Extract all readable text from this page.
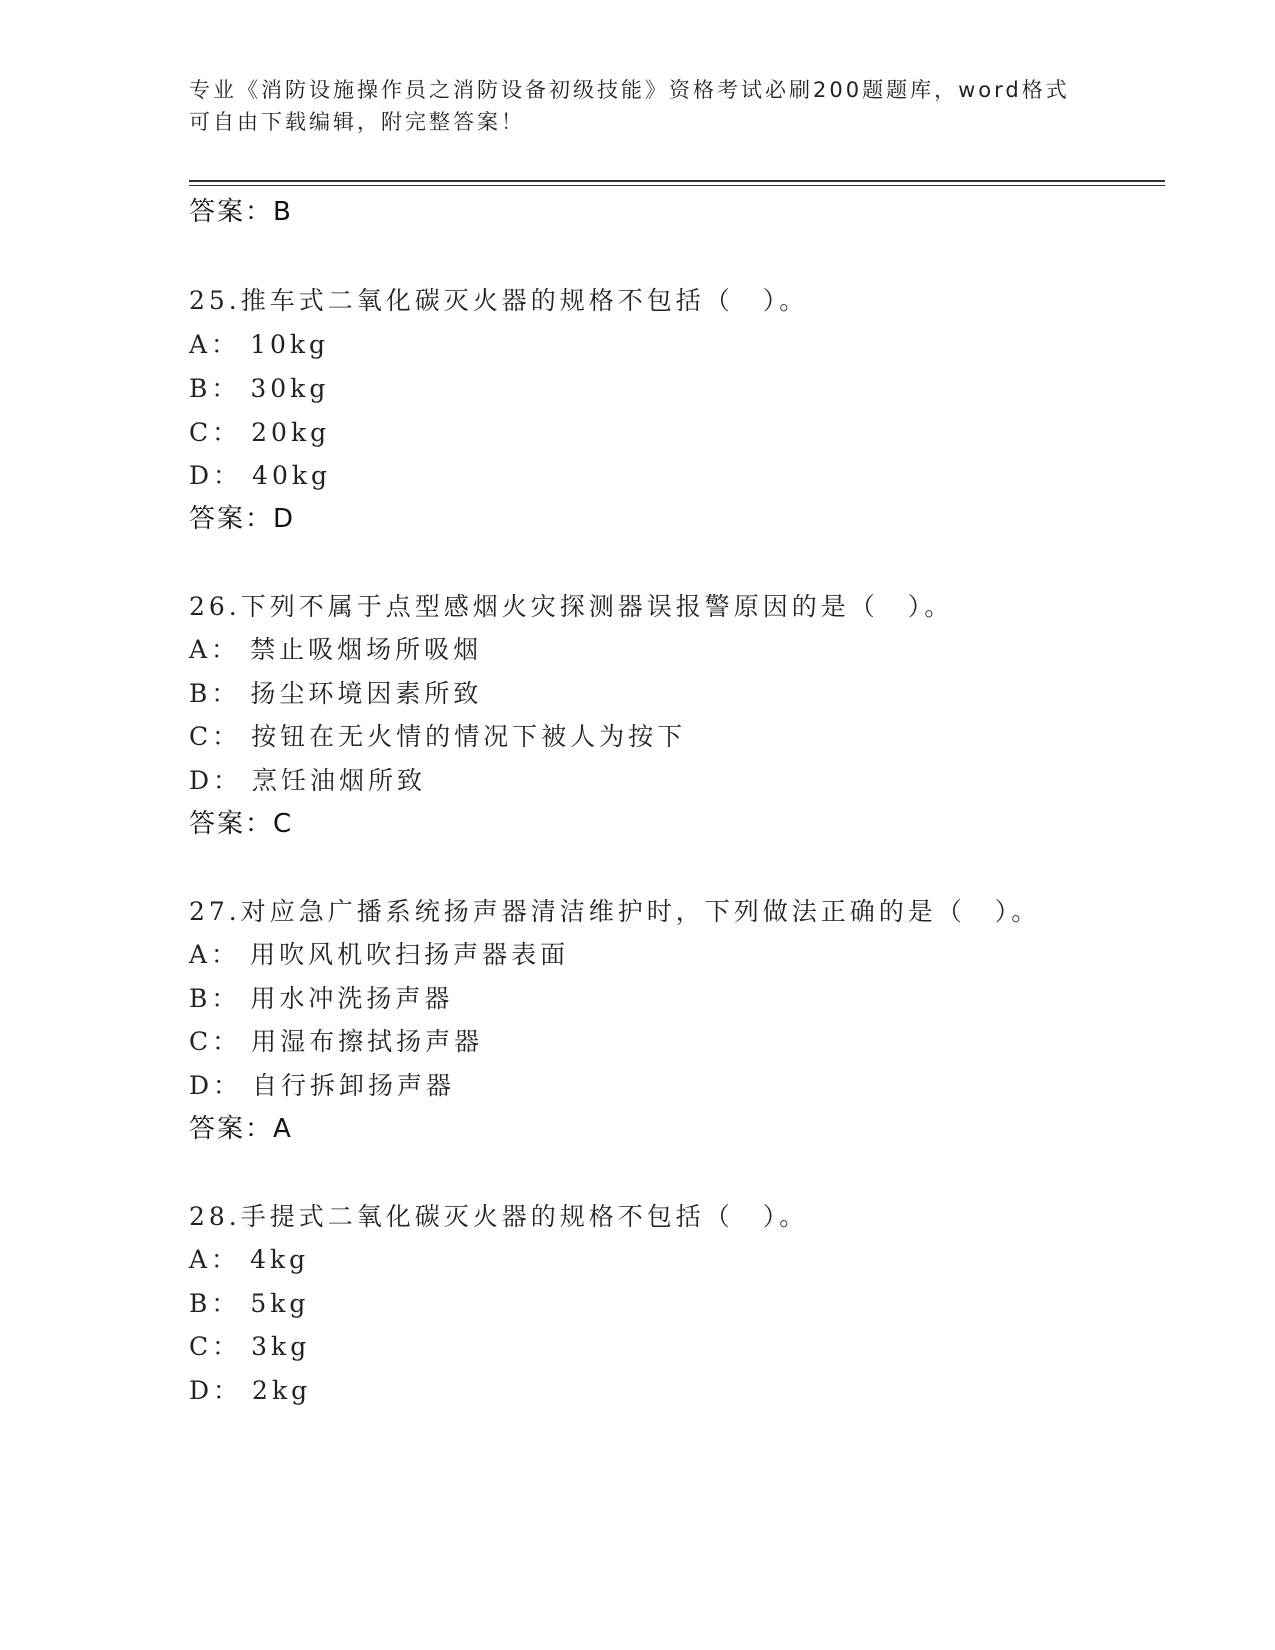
专业《消防设施操作员之消防设备初级技能》资格考试必刷200题题库，word格式可自由下载编辑，附完整答案！
答案：B
25.推车式二氧化碳灭火器的规格不包括（　）。
A： 10kg
B： 30kg
C： 20kg
D： 40kg
答案：D
26.下列不属于点型感烟火灾探测器误报警原因的是（　）。
A： 禁止吸烟场所吸烟
B： 扬尘环境因素所致
C： 按钮在无火情的情况下被人为按下
D： 烹饪油烟所致
答案：C
27.对应急广播系统扬声器清洁维护时，下列做法正确的是（　）。
A： 用吹风机吹扫扬声器表面
B： 用水冲洗扬声器
C： 用湿布擦拭扬声器
D： 自行拆卸扬声器
答案：A
28.手提式二氧化碳灭火器的规格不包括（　）。
A： 4kg
B： 5kg
C： 3kg
D： 2kg
